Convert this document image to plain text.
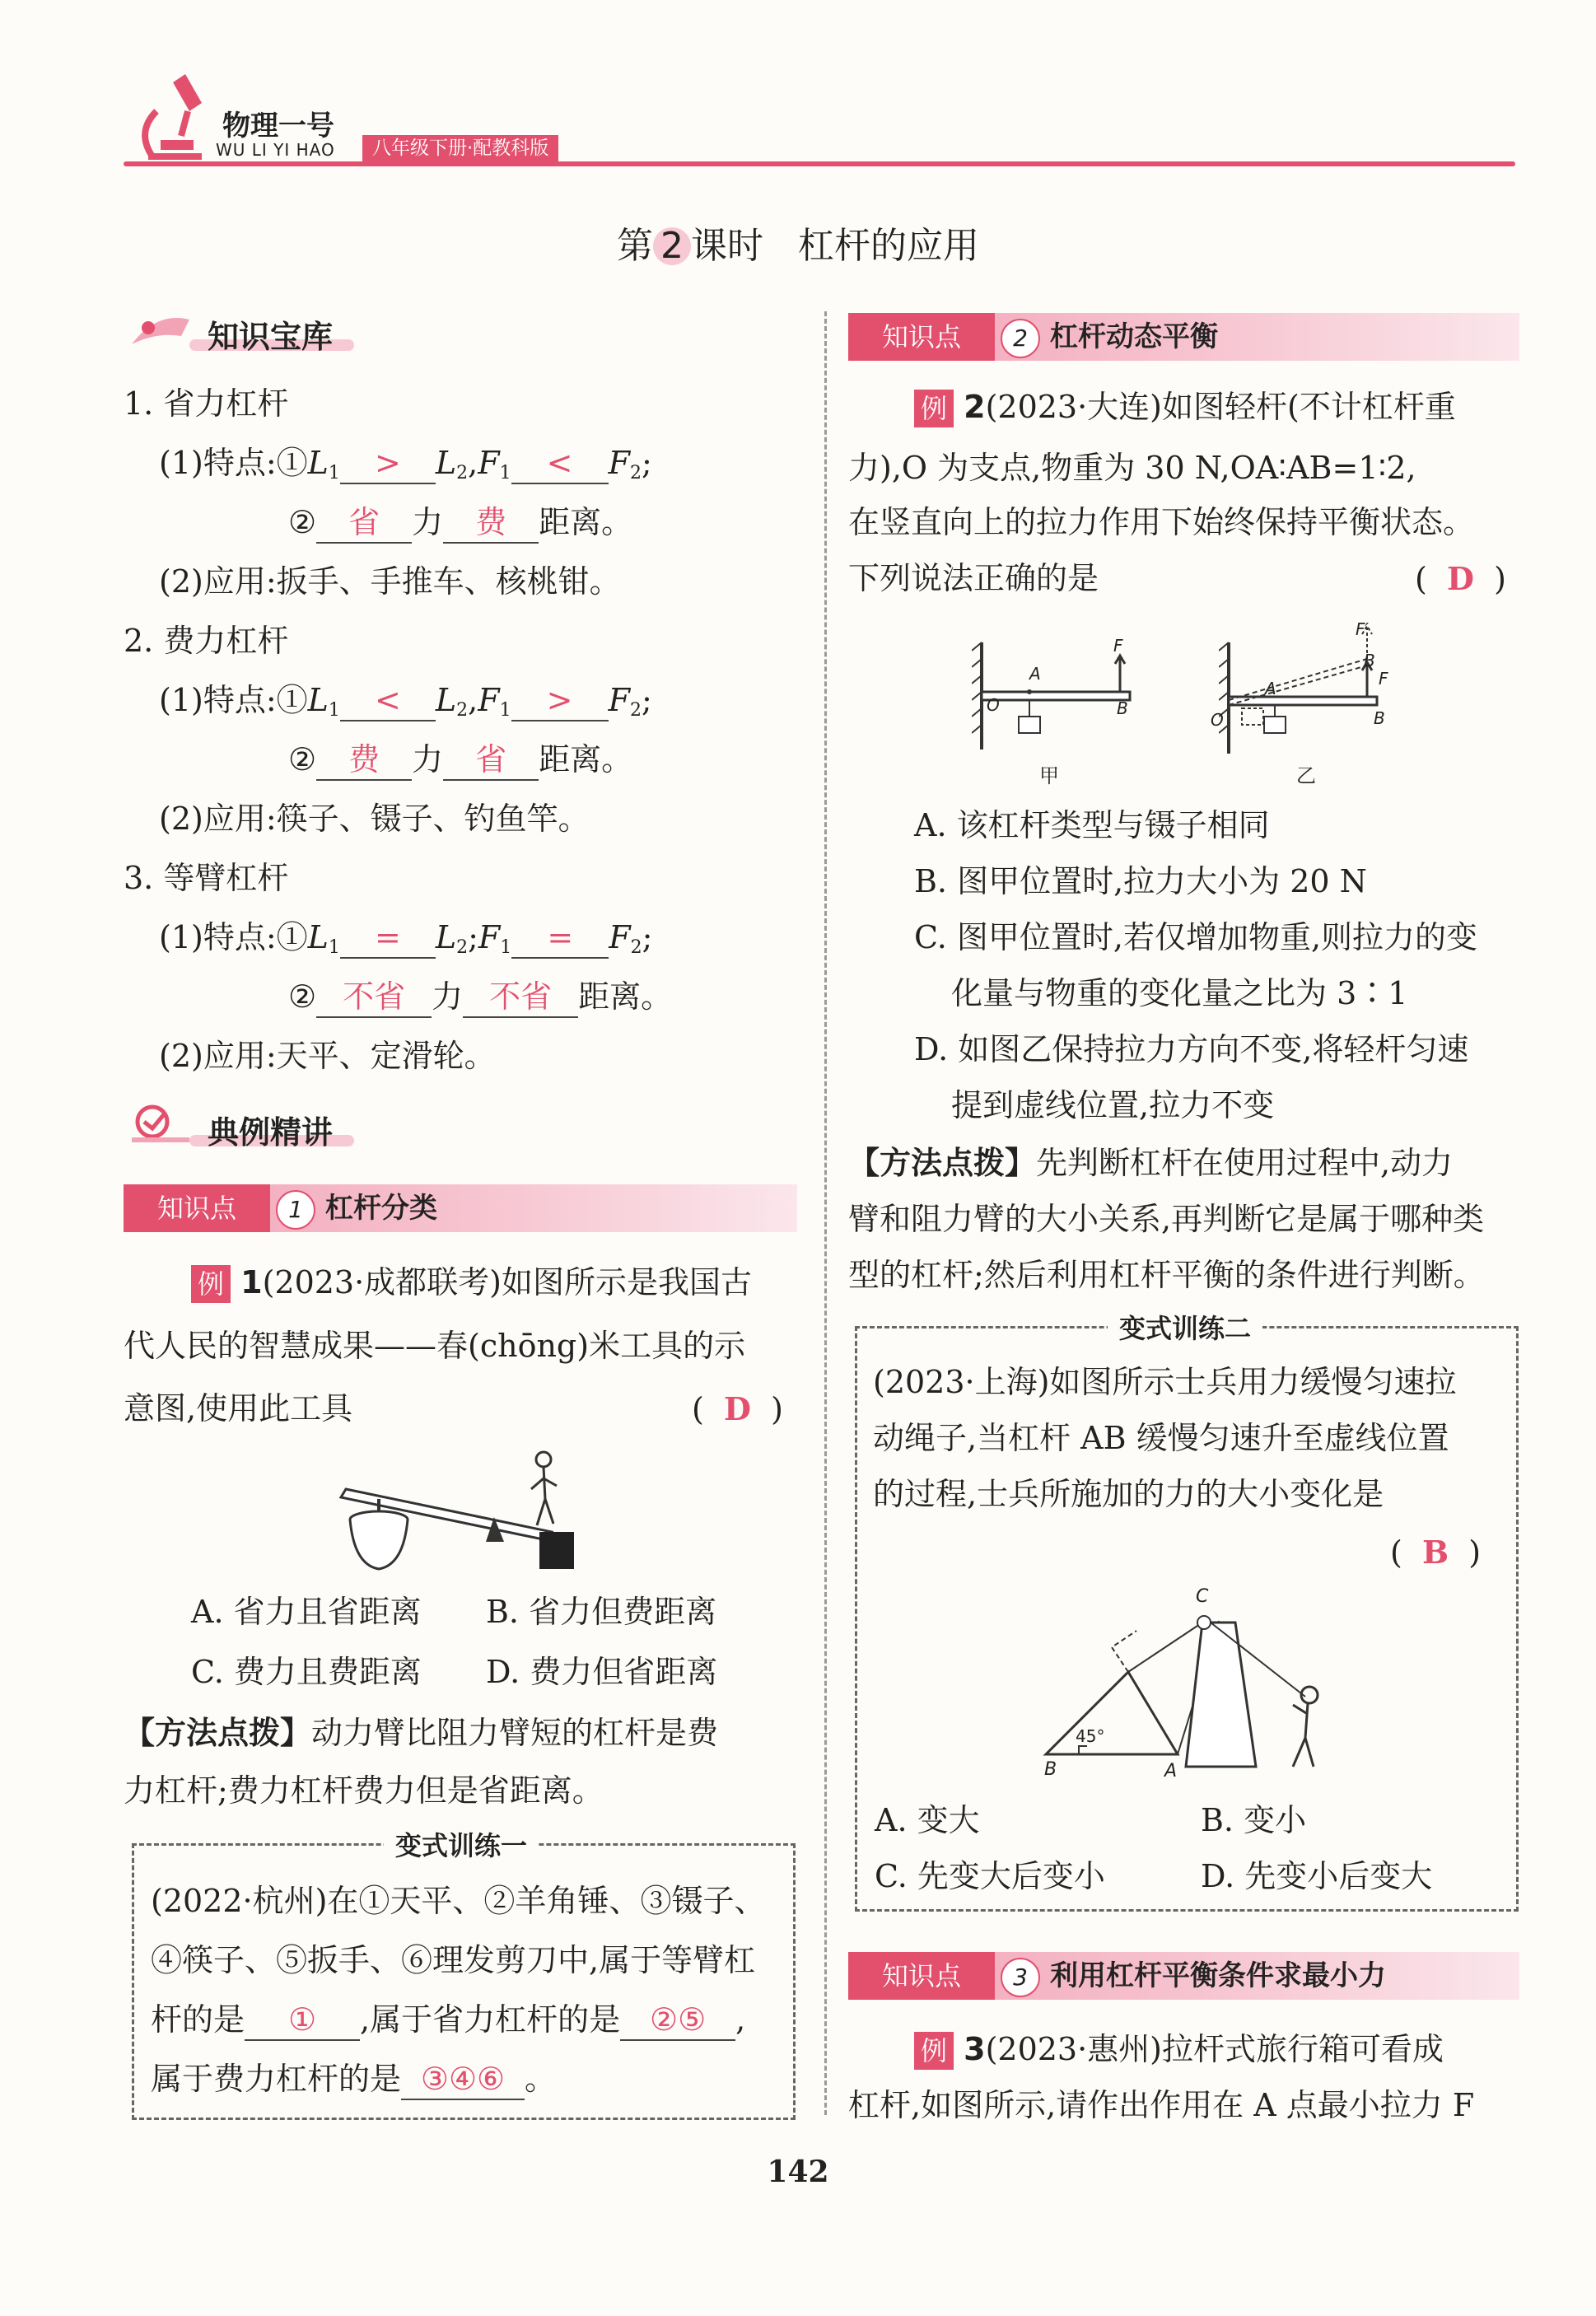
物理一号
WU LI YI HAO	八年级下册·配教科版
第 2 课时 杠杆的应用
知识宝库
1. 省力杠杆
(1)特点$:①L_1 > L_2,F_1 < F_2$;
② 省 力 费 距离。
(2)应用:扳手、手推车、核桃钳。
2. 费力杠杆
(1)特点$:①L_1 < L_2,F_1 > F_2$;
② 费 力 省 距离。
(2)应用:筷子、镊子、钓鱼竿。
3. 等臂杠杆
(1)特点$:①L_1$ = $L_2;F_1 = F_2$;
② 不省 力 不省 距离。
(2)应用:天平、定滑轮。
典例精讲
知识点	1 杠杆分类
例 1(2023·成都联考)如图所示是我国古
代人民的智慧成果——春(chōng)米工具的示
意图,使用此工具	(  D  )
A. 省力且省距离 B. 省力但费距离
C. 费力且费距离 D. 费力但省距离
【方法点拨】动力臂比阻力臂短的杠杆是费
力杠杆;费力杠杆费力但是省距离。
变式训练一
(2022·杭州)在①天平、②羊角锤、③镊子、
④筷子、⑤扳手、⑥理发剪刀中,属于等臂杠
杆的是 ① ,属于省力杠杆的是 ②⑤ ,
属于费力杠杆的是 ③④⑥ 。
知识点	2 杠杆动态平衡
例 2(2023·大连)如图轻杆(不计杠杆重
力),O 为支点,物重为 30 N,OA∶AB=1∶2,
在竖直向上的拉力作用下始终保持平衡状态。
下列说法正确的是	(  D  )
O
A
B
F
甲
O
A
B
B
F
F′
乙
A. 该杠杆类型与镊子相同
B. 图甲位置时,拉力大小为 20 N
C. 图甲位置时,若仅增加物重,则拉力的变
化量与物重的变化量之比为 3∶1
D. 如图乙保持拉力方向不变,将轻杆匀速
提到虚线位置,拉力不变
【方法点拨】先判断杠杆在使用过程中,动力
臂和阻力臂的大小关系,再判断它是属于哪种类
型的杠杆;然后利用杠杆平衡的条件进行判断。
变式训练二
(2023·上海)如图所示士兵用力缓慢匀速拉
动绳子,当杠杆 AB 缓慢匀速升至虚线位置
的过程,士兵所施加的力的大小变化是
(  B  )
C
45°
B	A
A. 变大	B. 变小
C. 先变大后变小	D. 先变小后变大
知识点	3 利用杠杆平衡条件求最小力
例 3(2023·惠州)拉杆式旅行箱可看成
杠杆,如图所示,请作出作用在 A 点最小拉力 F
142
